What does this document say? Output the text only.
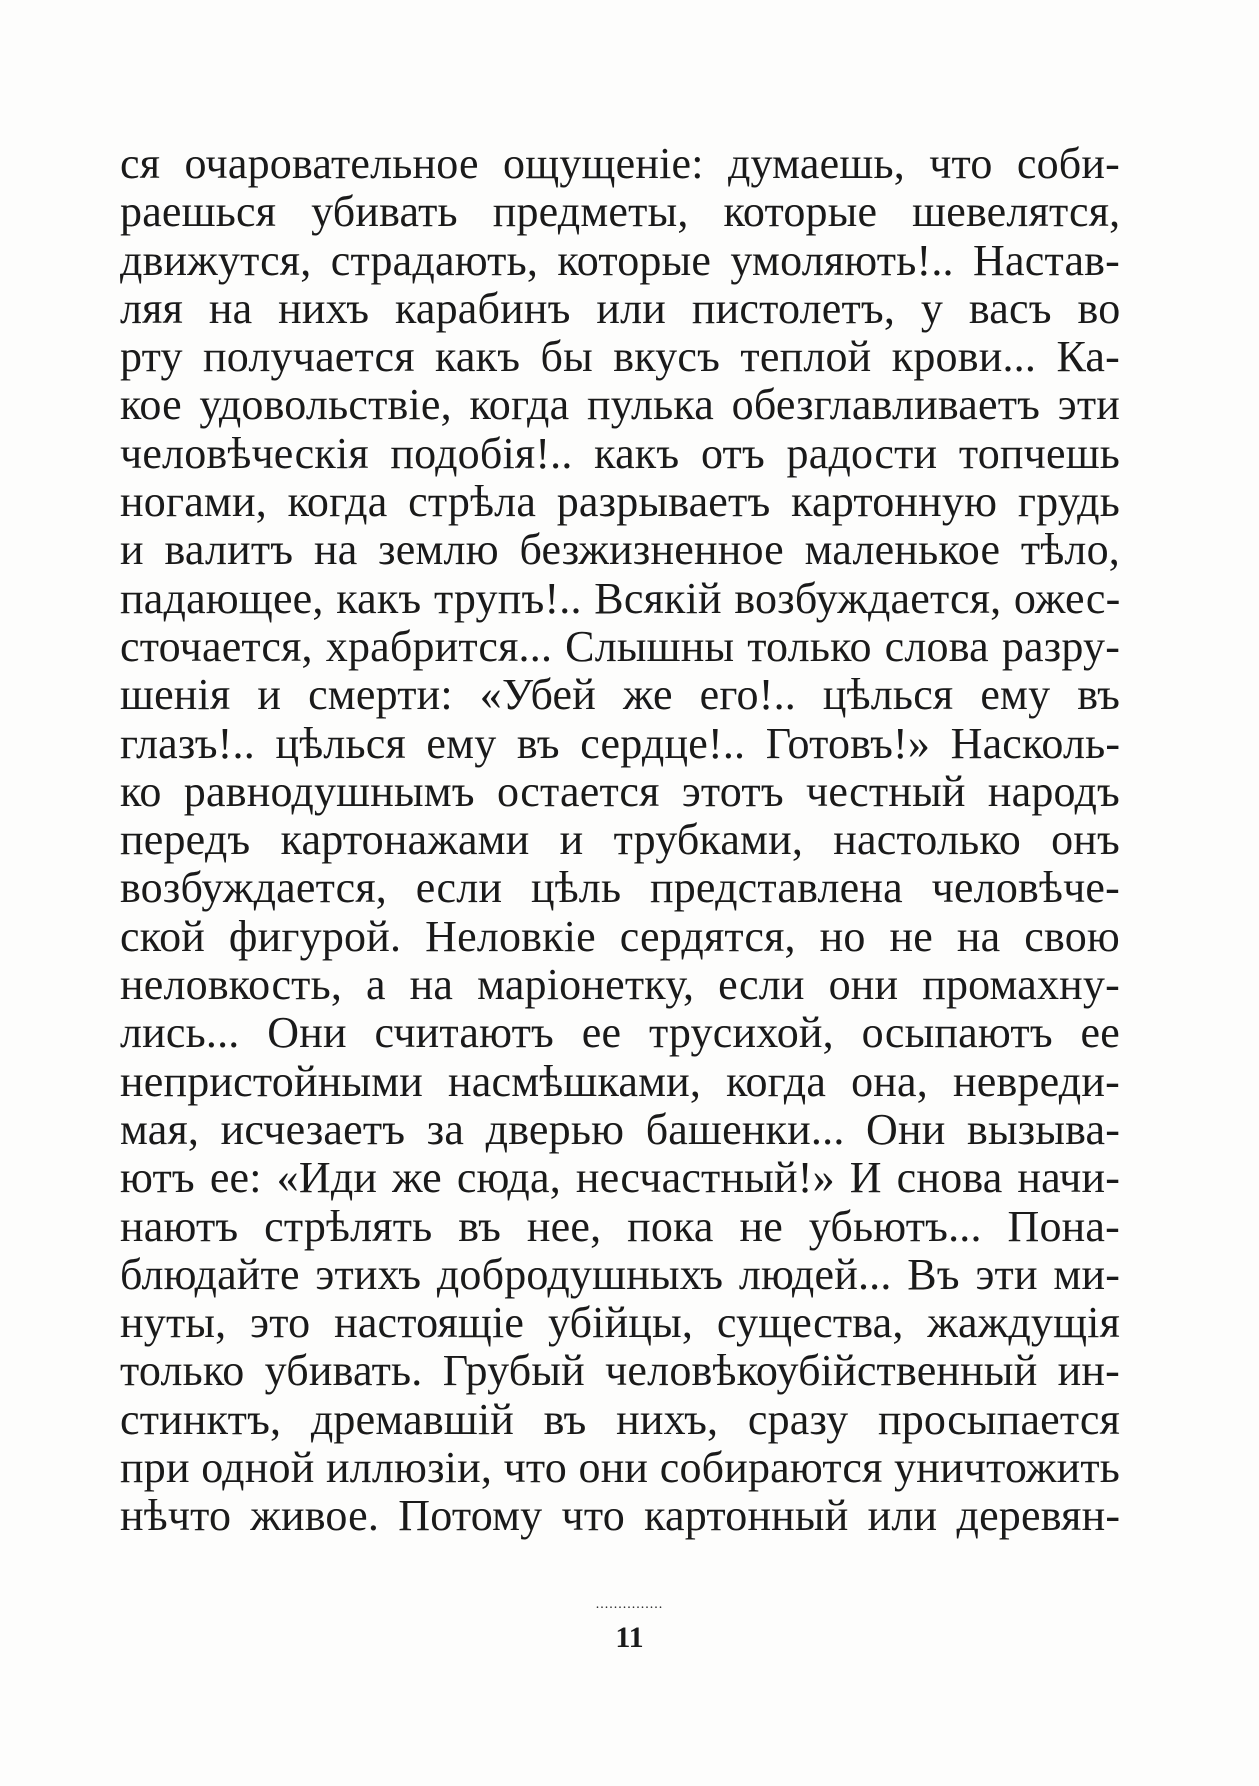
ся очаровательное ощущеніе: думаешь, что соби-
раешься убивать предметы, которые шевелятся,
движутся, страдають, которые умоляють!.. Настав-
ляя на нихъ карабинъ или пистолетъ, у васъ во
рту получается какъ бы вкусъ теплой крови... Ка-
кое удовольствіе, когда пулька обезглавливаетъ эти
человѣческія подобія!.. какъ отъ радости топчешь
ногами, когда стрѣла разрываетъ картонную грудь
и валитъ на землю безжизненное маленькое тѣло,
падающее, какъ трупъ!.. Всякій возбуждается, ожес-
сточается, храбрится... Слышны только слова разру-
шенія и смерти: «Убей же его!.. цѣлься ему въ
глазъ!.. цѣлься ему въ сердце!.. Готовъ!» Насколь-
ко равнодушнымъ остается этотъ честный народъ
передъ картонажами и трубками, настолько онъ
возбуждается, если цѣль представлена человѣче-
ской фигурой. Неловкіе сердятся, но не на свою
неловкость, а на маріонетку, если они промахну-
лись... Они считаютъ ее трусихой, осыпаютъ ее
непристойными насмѣшками, когда она, невреди-
мая, исчезаетъ за дверью башенки... Они вызыва-
ютъ ее: «Иди же сюда, несчастный!» И снова начи-
наютъ стрѣлять въ нее, пока не убьютъ... Пона-
блюдайте этихъ добродушныхъ людей... Въ эти ми-
нуты, это настоящіе убійцы, существа, жаждущія
только убивать. Грубый человѣкоубійственный ин-
стинктъ, дремавшій въ нихъ, сразу просыпается
при одной иллюзіи, что они собираются уничтожить
нѣчто живое. Потому что картонный или деревян-
...............
11
